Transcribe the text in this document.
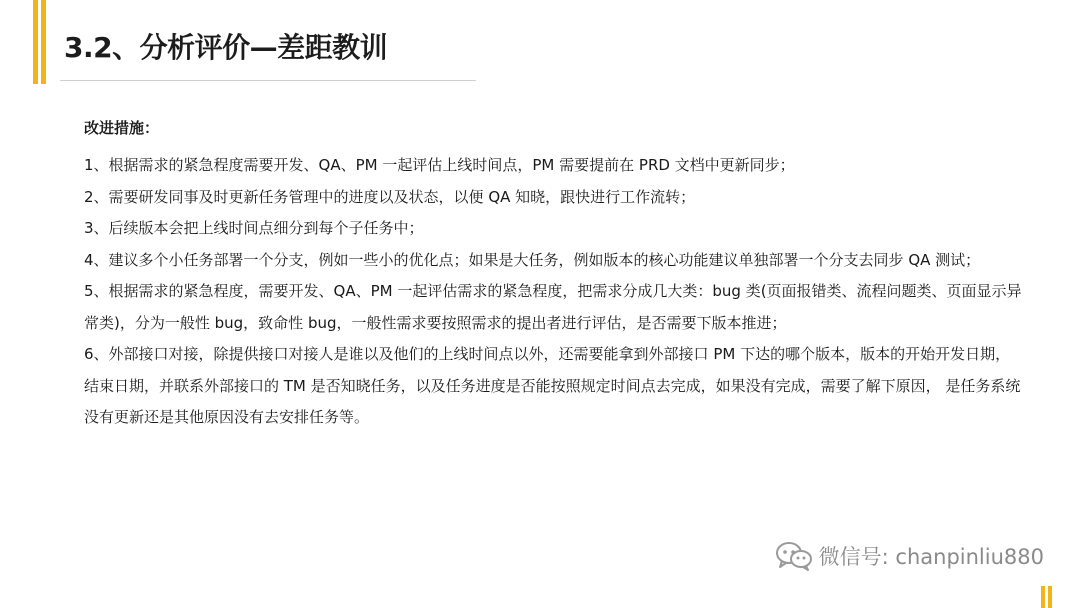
3.2、分析评价—差距教训
改进措施：

1、根据需求的紧急程度需要开发、QA、PM 一起评估上线时间点，PM 需要提前在 PRD 文档中更新同步；

2、需要研发同事及时更新任务管理中的进度以及状态，以便 QA 知晓，跟快进行工作流转；

3、后续版本会把上线时间点细分到每个子任务中；

4、建议多个小任务部署一个分支，例如一些小的优化点；如果是大任务，例如版本的核心功能建议单独部署一个分支去同步 QA 测试；

5、根据需求的紧急程度，需要开发、QA、PM 一起评估需求的紧急程度，把需求分成几大类：bug 类(页面报错类、流程问题类、页面显示异常类)，分为一般性 bug，致命性 bug，一般性需求要按照需求的提出者进行评估，是否需要下版本推进；

6、外部接口对接，除提供接口对接人是谁以及他们的上线时间点以外，还需要能拿到外部接口 PM 下达的哪个版本，版本的开始开发日期，结束日期，并联系外部接口的 TM 是否知晓任务，以及任务进度是否能按照规定时间点去完成，如果没有完成，需要了解下原因， 是任务系统没有更新还是其他原因没有去安排任务等。

微信号: chanpinliu880
